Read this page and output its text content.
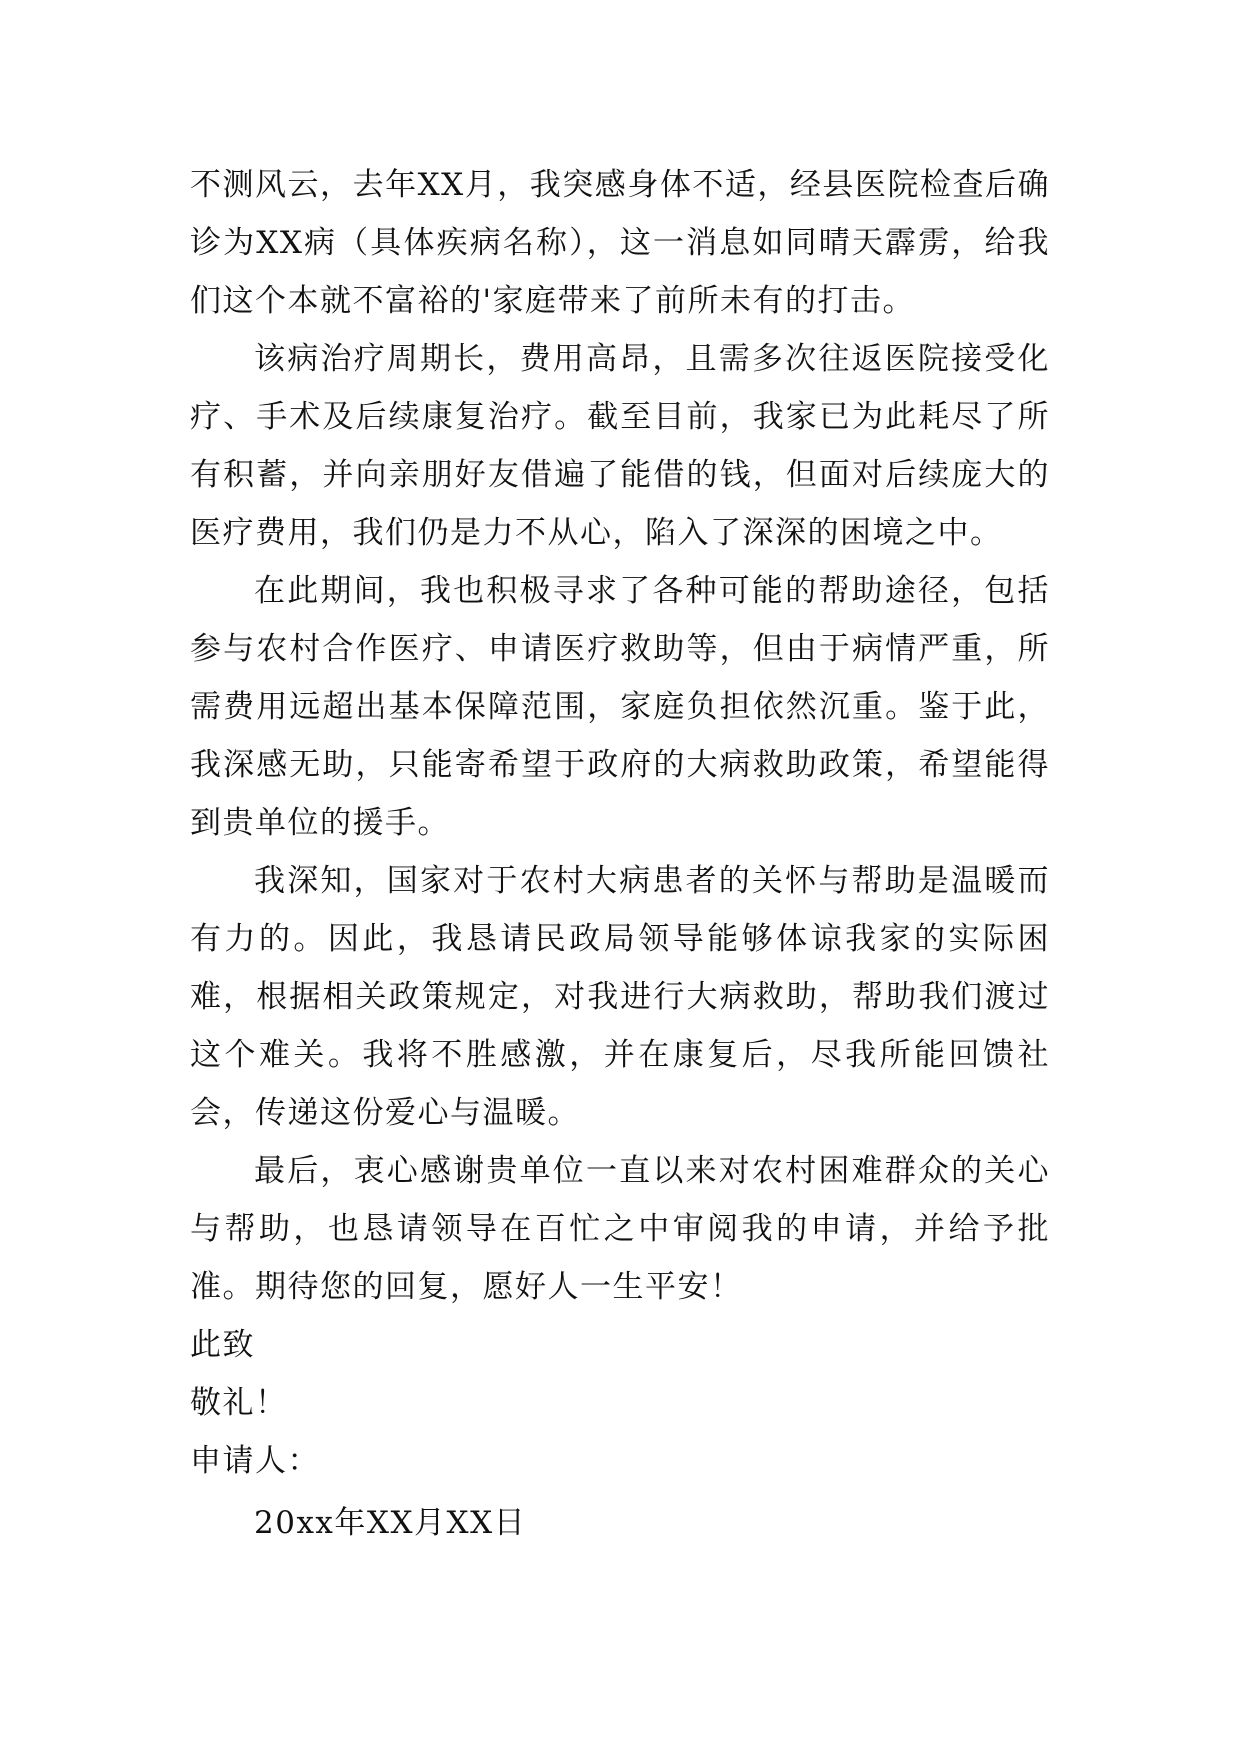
不测风云，去年XX月，我突感身体不适，经县医院检查后确诊为XX病（具体疾病名称），这一消息如同晴天霹雳，给我们这个本就不富裕的'家庭带来了前所未有的打击。

该病治疗周期长，费用高昂，且需多次往返医院接受化疗、手术及后续康复治疗。截至目前，我家已为此耗尽了所有积蓄，并向亲朋好友借遍了能借的钱，但面对后续庞大的医疗费用，我们仍是力不从心，陷入了深深的困境之中。

在此期间，我也积极寻求了各种可能的帮助途径，包括参与农村合作医疗、申请医疗救助等，但由于病情严重，所需费用远超出基本保障范围，家庭负担依然沉重。鉴于此，我深感无助，只能寄希望于政府的大病救助政策，希望能得到贵单位的援手。

我深知，国家对于农村大病患者的关怀与帮助是温暖而有力的。因此，我恳请民政局领导能够体谅我家的实际困难，根据相关政策规定，对我进行大病救助，帮助我们渡过这个难关。我将不胜感激，并在康复后，尽我所能回馈社会，传递这份爱心与温暖。

最后，衷心感谢贵单位一直以来对农村困难群众的关心与帮助，也恳请领导在百忙之中审阅我的申请，并给予批准。期待您的回复，愿好人一生平安！

此致

敬礼！

申请人：

20xx年XX月XX日
